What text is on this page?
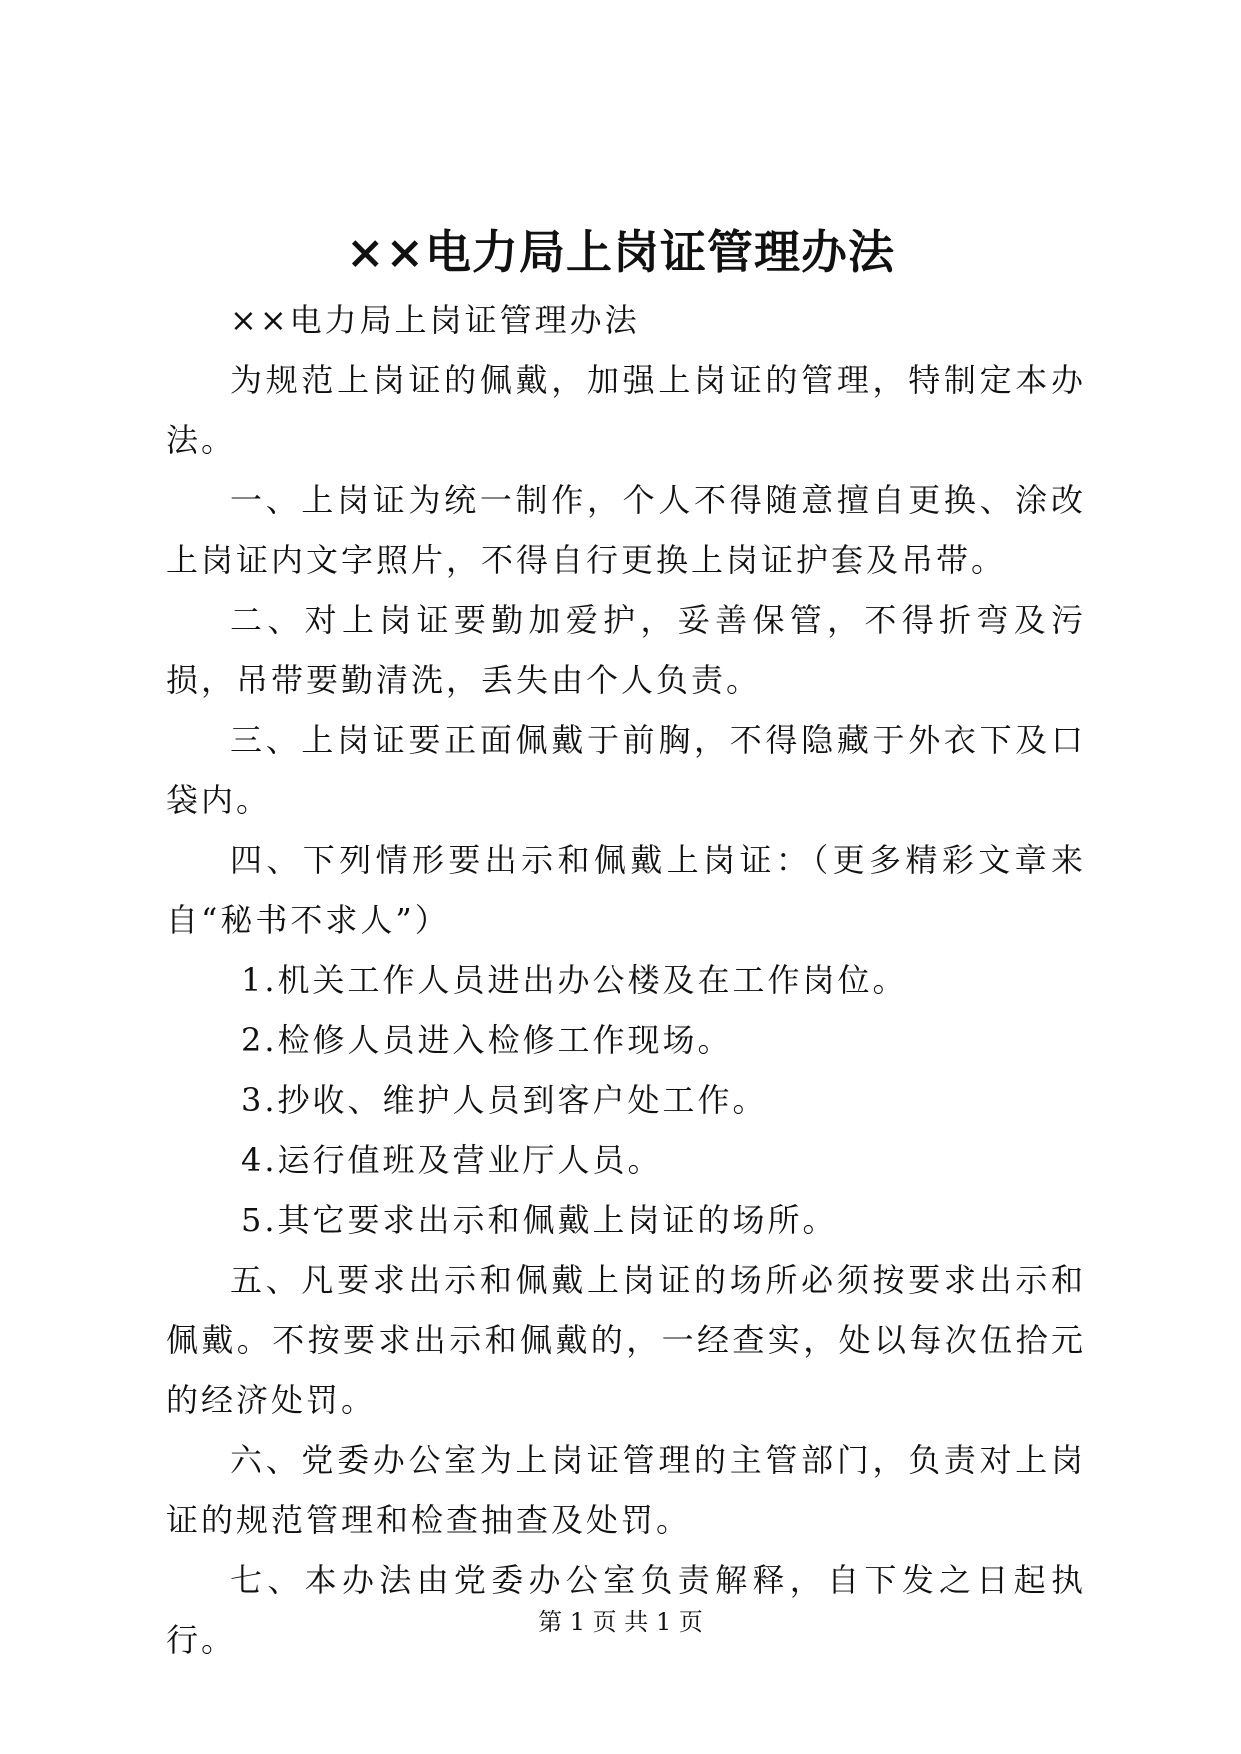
××电力局上岗证管理办法

××电力局上岗证管理办法

为规范上岗证的佩戴，加强上岗证的管理，特制定本办法。

一、上岗证为统一制作，个人不得随意擅自更换、涂改上岗证内文字照片，不得自行更换上岗证护套及吊带。

二、对上岗证要勤加爱护，妥善保管，不得折弯及污损，吊带要勤清洗，丢失由个人负责。

三、上岗证要正面佩戴于前胸，不得隐藏于外衣下及口袋内。

四、下列情形要出示和佩戴上岗证：（更多精彩文章来自“秘书不求人”）

1.机关工作人员进出办公楼及在工作岗位。

2.检修人员进入检修工作现场。

3.抄收、维护人员到客户处工作。

4.运行值班及营业厅人员。

5.其它要求出示和佩戴上岗证的场所。

五、凡要求出示和佩戴上岗证的场所必须按要求出示和佩戴。不按要求出示和佩戴的，一经查实，处以每次伍拾元的经济处罚。

六、党委办公室为上岗证管理的主管部门，负责对上岗证的规范管理和检查抽查及处罚。

七、本办法由党委办公室负责解释，自下发之日起执行。	第 1 页 共 1 页
